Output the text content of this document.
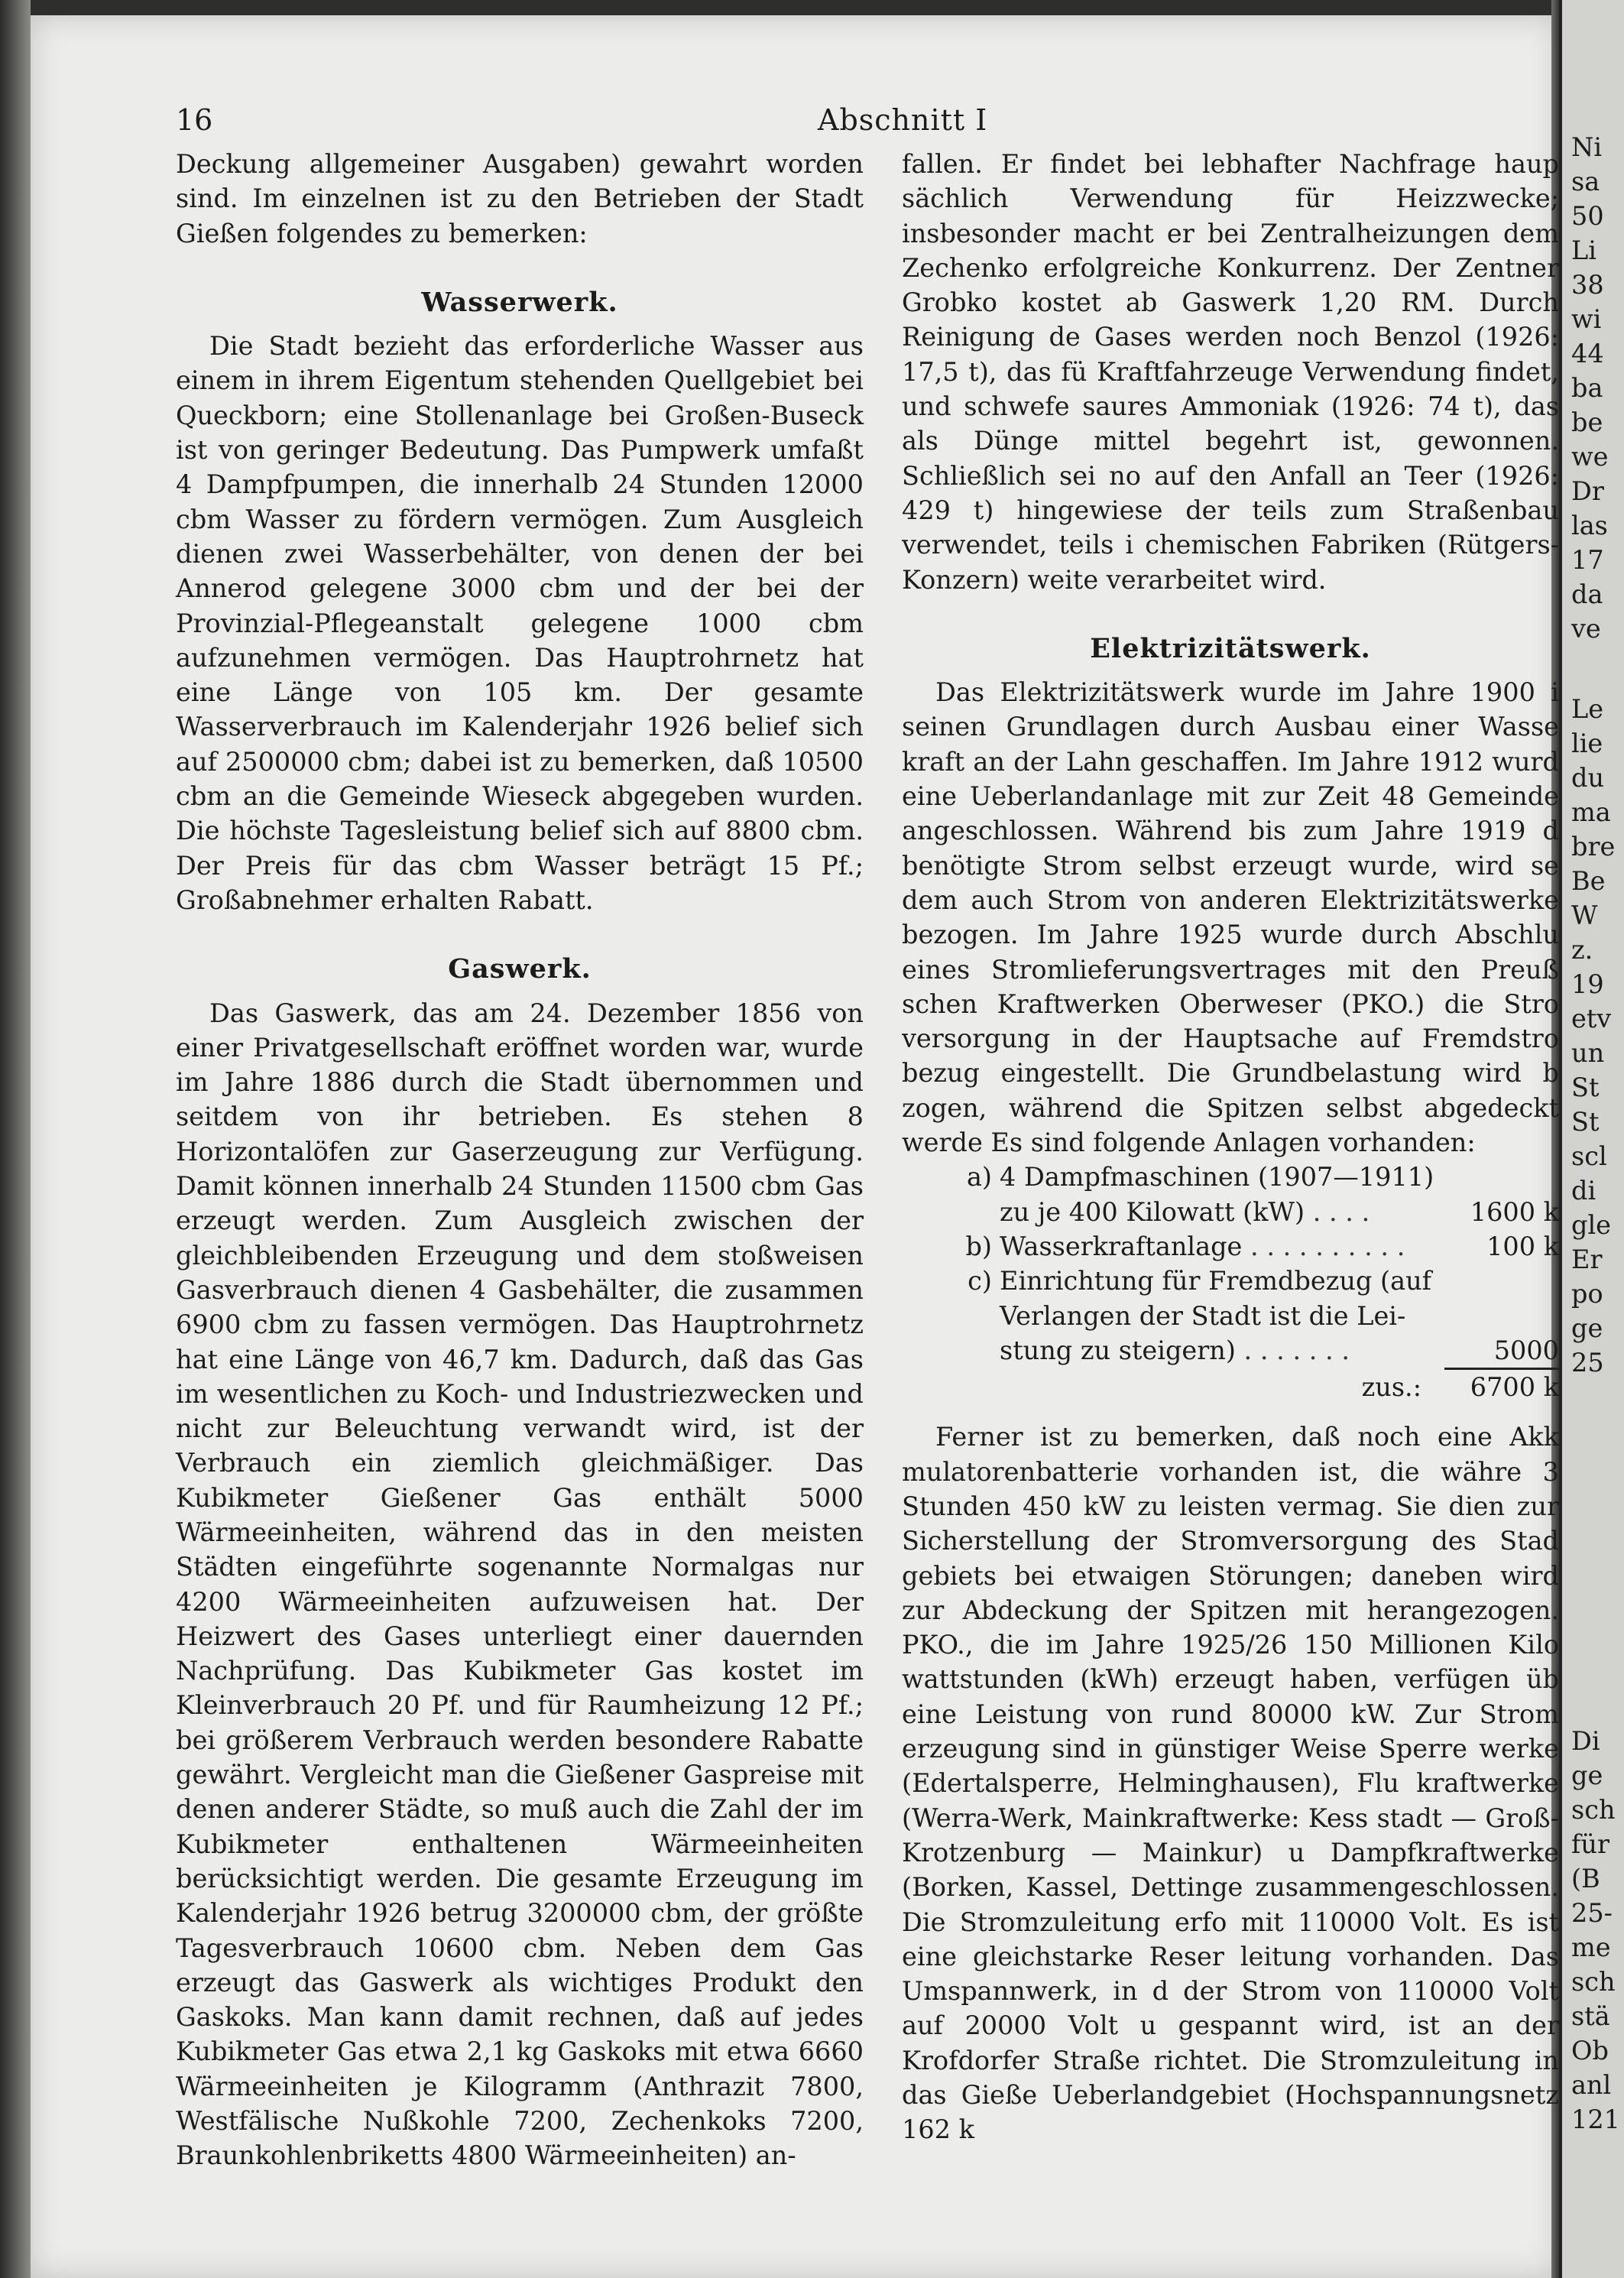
Ni
sa
50
Li
38
wi
44
ba
be
we
Dr
las
17
da
ve
Le
lie
du
ma
bre
Be
W
z.
19
etv
un
St
St
scl
di
gle
Er
po
ge
25
Di
ge
sch
für
(B
25-
me
sch
stä
Ob
anl
121
16	Abschnitt I

Deckung allgemeiner Ausgaben) gewahrt worden sind. Im einzelnen ist zu den Betrieben der Stadt Gießen folgendes zu bemerken:

Wasserwerk.

Die Stadt bezieht das erforderliche Wasser aus einem in ihrem Eigentum stehenden Quellgebiet bei Queckborn; eine Stollenanlage bei Großen-Buseck ist von geringer Bedeutung. Das Pumpwerk umfaßt 4 Dampfpumpen, die innerhalb 24 Stunden 12000 cbm Wasser zu fördern vermögen. Zum Ausgleich dienen zwei Wasserbehälter, von denen der bei Annerod gelegene 3000 cbm und der bei der Provinzial-Pflegeanstalt gelegene 1000 cbm aufzunehmen vermögen. Das Hauptrohrnetz hat eine Länge von 105 km. Der gesamte Wasserverbrauch im Kalenderjahr 1926 belief sich auf 2500000 cbm; dabei ist zu bemerken, daß 10500 cbm an die Gemeinde Wieseck abgegeben wurden. Die höchste Tagesleistung belief sich auf 8800 cbm. Der Preis für das cbm Wasser beträgt 15 Pf.; Großabnehmer erhalten Rabatt.

Gaswerk.

Das Gaswerk, das am 24. Dezember 1856 von einer Privatgesellschaft eröffnet worden war, wurde im Jahre 1886 durch die Stadt übernommen und seitdem von ihr betrieben. Es stehen 8 Horizontalöfen zur Gaserzeugung zur Verfügung. Damit können innerhalb 24 Stunden 11500 cbm Gas erzeugt werden. Zum Ausgleich zwischen der gleichbleibenden Erzeugung und dem stoßweisen Gasverbrauch dienen 4 Gasbehälter, die zusammen 6900 cbm zu fassen vermögen. Das Hauptrohrnetz hat eine Länge von 46,7 km. Dadurch, daß das Gas im wesentlichen zu Koch- und Industriezwecken und nicht zur Beleuchtung verwandt wird, ist der Verbrauch ein ziemlich gleichmäßiger. Das Kubikmeter Gießener Gas enthält 5000 Wärmeeinheiten, während das in den meisten Städten eingeführte sogenannte Normalgas nur 4200 Wärmeeinheiten aufzuweisen hat. Der Heizwert des Gases unterliegt einer dauernden Nachprüfung. Das Kubikmeter Gas kostet im Kleinverbrauch 20 Pf. und für Raumheizung 12 Pf.; bei größerem Verbrauch werden besondere Rabatte gewährt. Vergleicht man die Gießener Gaspreise mit denen anderer Städte, so muß auch die Zahl der im Kubikmeter enthaltenen Wärmeeinheiten berücksichtigt werden. Die gesamte Erzeugung im Kalenderjahr 1926 betrug 3200000 cbm, der größte Tagesverbrauch 10600 cbm. Neben dem Gas erzeugt das Gaswerk als wichtiges Produkt den Gaskoks. Man kann damit rechnen, daß auf jedes Kubikmeter Gas etwa 2,1 kg Gaskoks mit etwa 6660 Wärmeeinheiten je Kilogramm (Anthrazit 7800, Westfälische Nußkohle 7200, Zechenkoks 7200, Braunkohlenbriketts 4800 Wärmeeinheiten) an-

fallen. Er findet bei lebhafter Nachfrage haup sächlich Verwendung für Heizzwecke; insbesonder macht er bei Zentralheizungen dem Zechenko erfolgreiche Konkurrenz. Der Zentner Grobko kostet ab Gaswerk 1,20 RM. Durch Reinigung de Gases werden noch Benzol (1926: 17,5 t), das fü Kraftfahrzeuge Verwendung findet, und schwefe saures Ammoniak (1926: 74 t), das als Dünge mittel begehrt ist, gewonnen. Schließlich sei no auf den Anfall an Teer (1926: 429 t) hingewiese der teils zum Straßenbau verwendet, teils i chemischen Fabriken (Rütgers-Konzern) weite verarbeitet wird.

Elektrizitätswerk.

Das Elektrizitätswerk wurde im Jahre 1900 i seinen Grundlagen durch Ausbau einer Wasse kraft an der Lahn geschaffen. Im Jahre 1912 wurd eine Ueberlandanlage mit zur Zeit 48 Gemeinde angeschlossen. Während bis zum Jahre 1919 d benötigte Strom selbst erzeugt wurde, wird se dem auch Strom von anderen Elektrizitätswerke bezogen. Im Jahre 1925 wurde durch Abschlu eines Stromlieferungsvertrages mit den Preuß schen Kraftwerken Oberweser (PKO.) die Stro versorgung in der Hauptsache auf Fremdstro bezug eingestellt. Die Grundbelastung wird b zogen, während die Spitzen selbst abgedeckt werde Es sind folgende Anlagen vorhanden:

a) 4 Dampfmaschinen (1907—1911)
zu je 400 Kilowatt (kW) . . . .	1600 k
b) Wasserkraftanlage . . . . . . . . . .	100 k
c) Einrichtung für Fremdbezug (auf
Verlangen der Stadt ist die Lei-
stung zu steigern) . . . . . . .	5000
zus.:	6700 k

Ferner ist zu bemerken, daß noch eine Akk mulatorenbatterie vorhanden ist, die währe 3 Stunden 450 kW zu leisten vermag. Sie dien zur Sicherstellung der Stromversorgung des Stad gebiets bei etwaigen Störungen; daneben wird zur Abdeckung der Spitzen mit herangezogen. PKO., die im Jahre 1925/26 150 Millionen Kilo wattstunden (kWh) erzeugt haben, verfügen üb eine Leistung von rund 80000 kW. Zur Strom erzeugung sind in günstiger Weise Sperre werke (Edertalsperre, Helminghausen), Flu kraftwerke (Werra-Werk, Mainkraftwerke: Kess stadt — Groß-Krotzenburg — Mainkur) u Dampfkraftwerke (Borken, Kassel, Dettinge zusammengeschlossen. Die Stromzuleitung erfo mit 110000 Volt. Es ist eine gleichstarke Reser leitung vorhanden. Das Umspannwerk, in d der Strom von 110000 Volt auf 20000 Volt u gespannt wird, ist an der Krofdorfer Straße richtet. Die Stromzuleitung in das Gieße Ueberlandgebiet (Hochspannungsnetz 162 k
